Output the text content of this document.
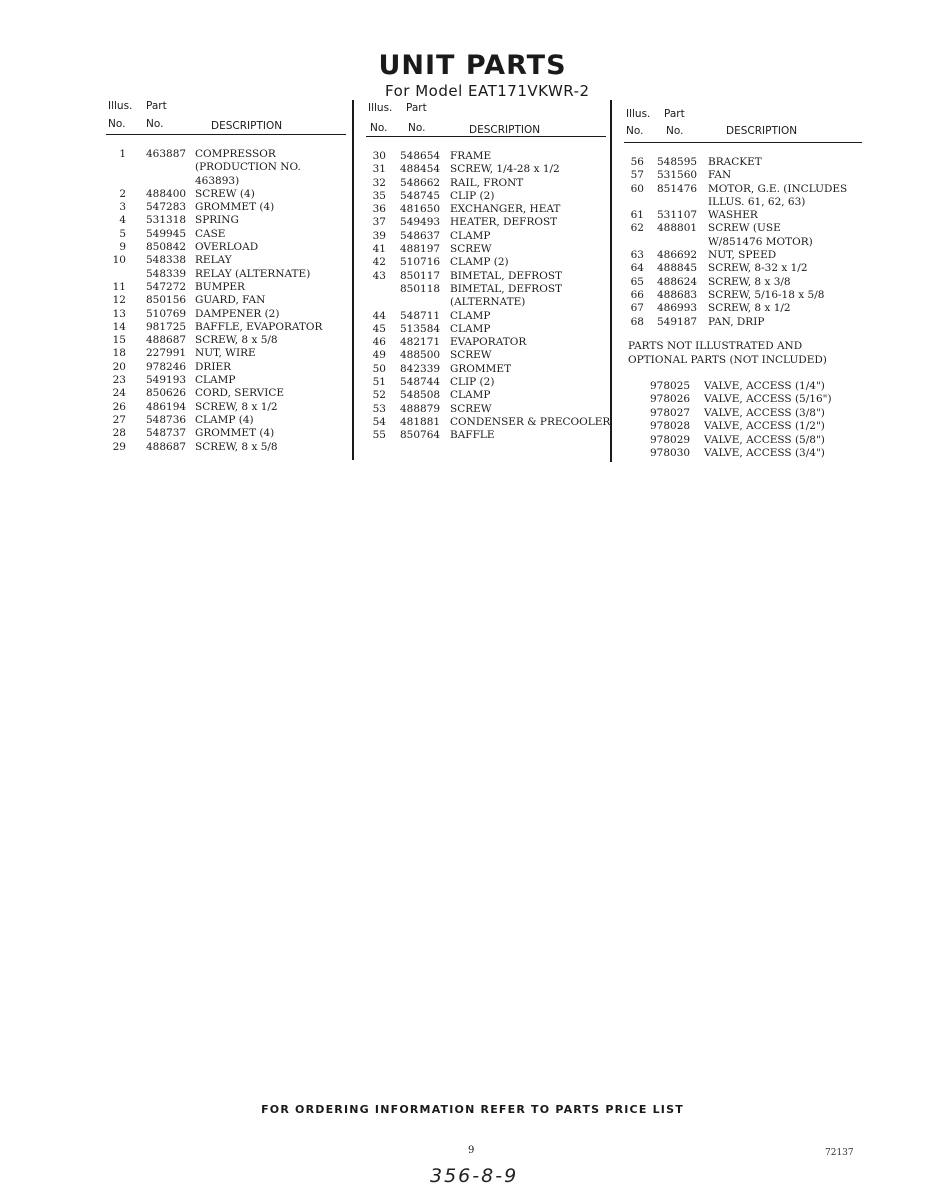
UNIT PARTS
For Model EAT171VKWR-2
Illus.
No.
Part
No.	DESCRIPTION
1 463887 COMPRESSOR
(PRODUCTION NO.
463893)
2 488400 SCREW (4)
3 547283 GROMMET (4)
4 531318 SPRING
5 549945 CASE
9 850842 OVERLOAD
10 548338 RELAY
548339 RELAY (ALTERNATE)
11 547272 BUMPER
12 850156 GUARD, FAN
13 510769 DAMPENER (2)
14 981725 BAFFLE, EVAPORATOR
15 488687 SCREW, 8 x 5/8
18 227991 NUT, WIRE
20 978246 DRIER
23 549193 CLAMP
24 850626 CORD, SERVICE
26 486194 SCREW, 8 x 1/2
27 548736 CLAMP (4)
28 548737 GROMMET (4)
29 488687 SCREW, 8 x 5/8
Illus.
No.
Part
No.	DESCRIPTION
30 548654 FRAME
31 488454 SCREW, 1/4-28 x 1/2
32 548662 RAIL, FRONT
35 548745 CLIP (2)
36 481650 EXCHANGER, HEAT
37 549493 HEATER, DEFROST
39 548637 CLAMP
41 488197 SCREW
42 510716 CLAMP (2)
43 850117 BIMETAL, DEFROST
850118 BIMETAL, DEFROST
(ALTERNATE)
44 548711 CLAMP
45 513584 CLAMP
46 482171 EVAPORATOR
49 488500 SCREW
50 842339 GROMMET
51 548744 CLIP (2)
52 548508 CLAMP
53 488879 SCREW
54 481881 CONDENSER & PRECOOLER
55 850764 BAFFLE
Illus.
No.
Part
No.	DESCRIPTION
56 548595 BRACKET
57 531560 FAN
60 851476 MOTOR, G.E. (INCLUDES
ILLUS. 61, 62, 63)
61 531107 WASHER
62 488801 SCREW (USE
W/851476 MOTOR)
63 486692 NUT, SPEED
64 488845 SCREW, 8-32 x 1/2
65 488624 SCREW, 8 x 3/8
66 488683 SCREW, 5/16-18 x 5/8
67 486993 SCREW, 8 x 1/2
68 549187 PAN, DRIP
PARTS NOT ILLUSTRATED AND OPTIONAL PARTS (NOT INCLUDED)
978025 VALVE, ACCESS (1/4")
978026 VALVE, ACCESS (5/16")
978027 VALVE, ACCESS (3/8")
978028 VALVE, ACCESS (1/2")
978029 VALVE, ACCESS (5/8")
978030 VALVE, ACCESS (3/4")
FOR ORDERING INFORMATION REFER TO PARTS PRICE LIST
9	72137
356-8-9
